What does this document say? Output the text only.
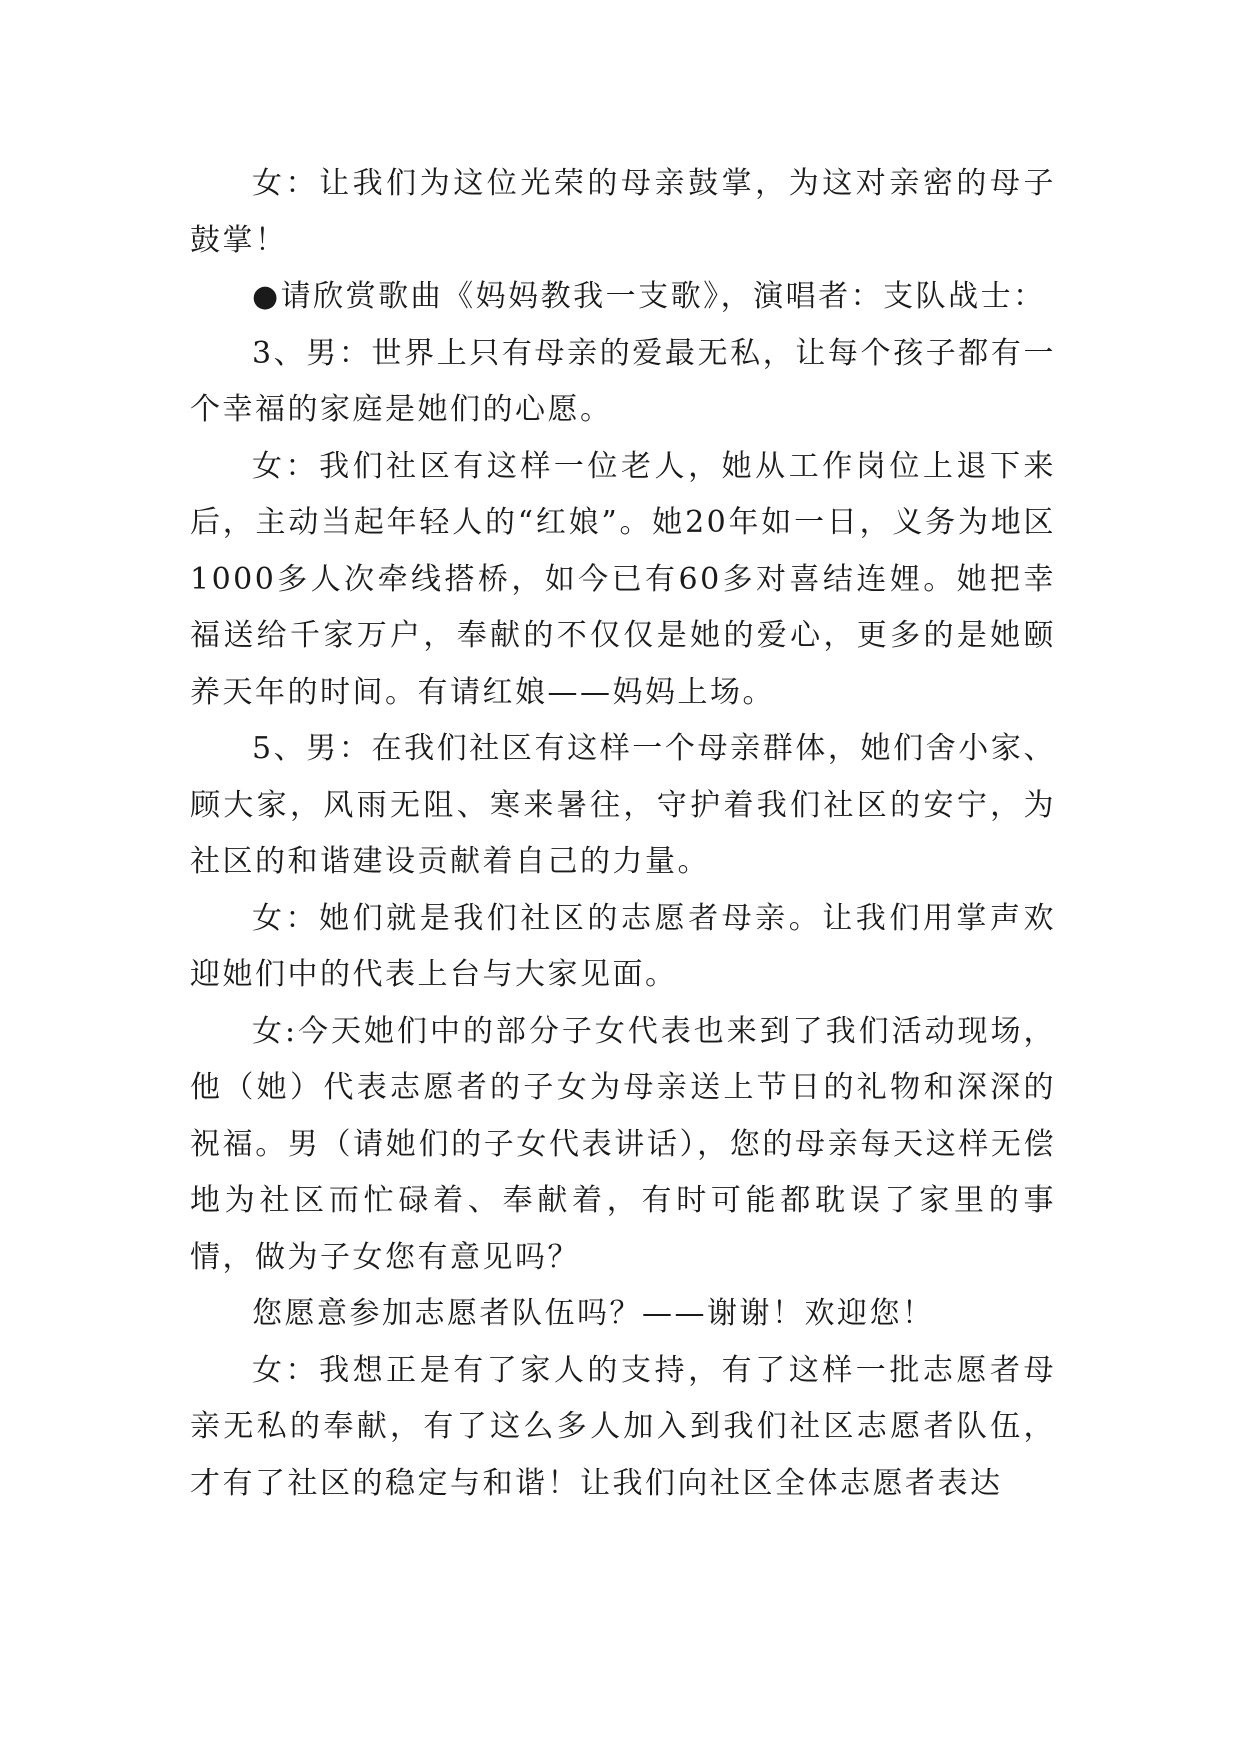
女：让我们为这位光荣的母亲鼓掌，为这对亲密的母子鼓掌！

●请欣赏歌曲《妈妈教我一支歌》，演唱者：支队战士：

3、男：世界上只有母亲的爱最无私，让每个孩子都有一个幸福的家庭是她们的心愿。

女：我们社区有这样一位老人，她从工作岗位上退下来后，主动当起年轻人的“红娘”。她20年如一日，义务为地区1000多人次牵线搭桥，如今已有60多对喜结连娌。她把幸福送给千家万户，奉献的不仅仅是她的爱心，更多的是她颐养天年的时间。有请红娘——妈妈上场。

5、男：在我们社区有这样一个母亲群体，她们舍小家、顾大家，风雨无阻、寒来暑往，守护着我们社区的安宁，为社区的和谐建设贡献着自己的力量。

女：她们就是我们社区的志愿者母亲。让我们用掌声欢迎她们中的代表上台与大家见面。

女:今天她们中的部分子女代表也来到了我们活动现场，他（她）代表志愿者的子女为母亲送上节日的礼物和深深的祝福。男（请她们的子女代表讲话），您的母亲每天这样无偿地为社区而忙碌着、奉献着，有时可能都耽误了家里的事情，做为子女您有意见吗？

您愿意参加志愿者队伍吗？——谢谢！欢迎您！

女：我想正是有了家人的支持，有了这样一批志愿者母亲无私的奉献，有了这么多人加入到我们社区志愿者队伍，才有了社区的稳定与和谐！让我们向社区全体志愿者表达
